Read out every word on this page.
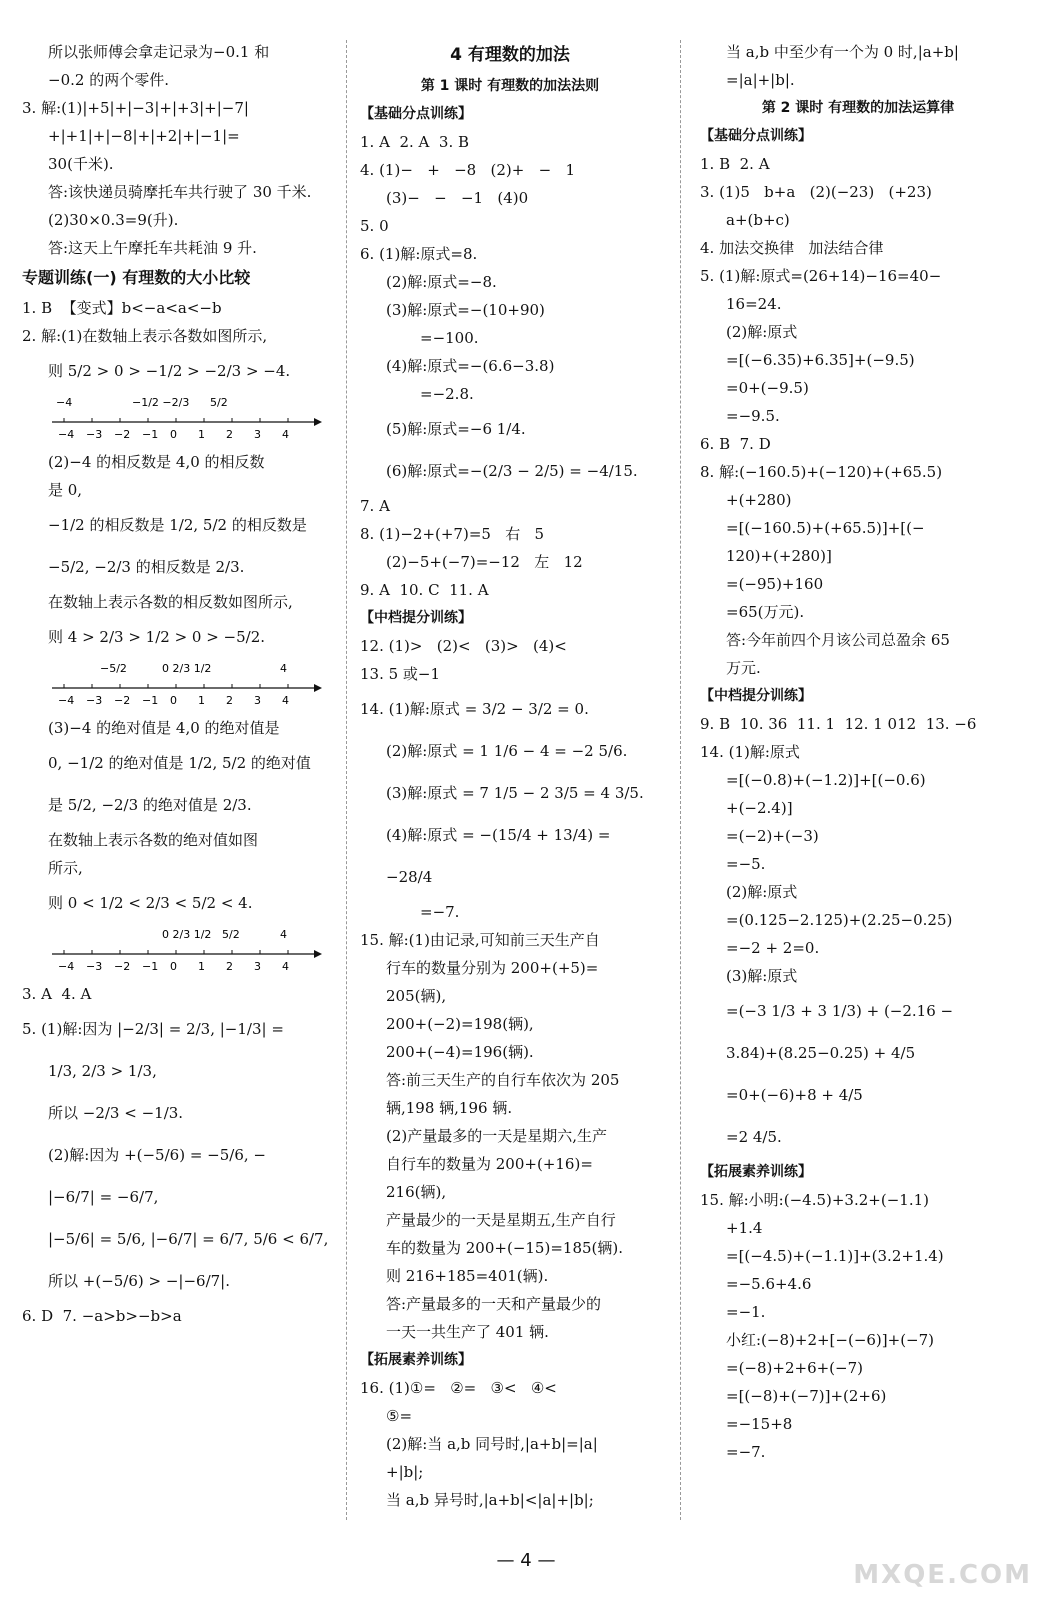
所以张师傅会拿走记录为−0.1 和
−0.2 的两个零件.
3. 解:(1)|+5|+|−3|+|+3|+|−7|
+|+1|+|−8|+|+2|+|−1|=
30(千米).
答:该快递员骑摩托车共行驶了 30 千米.
(2)30×0.3=9(升).
答:这天上午摩托车共耗油 9 升.
专题训练(一) 有理数的大小比较
1. B  【变式】b<−a<a<−b
2. 解:(1)在数轴上表示各数如图所示,
则 5/2 > 0 > −1/2 > −2/3 > −4.
−4 −3 −2 −1 0 1 2 3 4
−4	−1/2 −2/3 5/2
(2)−4 的相反数是 4,0 的相反数
是 0,
−1/2 的相反数是 1/2, 5/2 的相反数是
−5/2, −2/3 的相反数是 2/3.
在数轴上表示各数的相反数如图所示,
则 4 > 2/3 > 1/2 > 0 > −5/2.
−4 −3 −2 −1 0 1 2 3 4
−5/2	0 2/3 1/2	4
(3)−4 的绝对值是 4,0 的绝对值是
0, −1/2 的绝对值是 1/2, 5/2 的绝对值
是 5/2, −2/3 的绝对值是 2/3.
在数轴上表示各数的绝对值如图
所示,
则 0 < 1/2 < 2/3 < 5/2 < 4.
−4 −3 −2 −1 0 1 2 3 4
0 2/3 1/2 5/2	4
3. A  4. A
5. (1)解:因为 |−2/3| = 2/3, |−1/3| =
1/3, 2/3 > 1/3,
所以 −2/3 < −1/3.
(2)解:因为 +(−5/6) = −5/6, −
|−6/7| = −6/7,
|−5/6| = 5/6, |−6/7| = 6/7, 5/6 < 6/7,
所以 +(−5/6) > −|−6/7|.
6. D  7. −a>b>−b>a
4 有理数的加法
第 1 课时 有理数的加法法则
【基础分点训练】
1. A  2. A  3. B
4. (1)−   +   −8   (2)+   −   1
(3)−   −   −1   (4)0
5. 0
6. (1)解:原式=8.
(2)解:原式=−8.
(3)解:原式=−(10+90)
=−100.
(4)解:原式=−(6.6−3.8)
=−2.8.
(5)解:原式=−6 1/4.
(6)解:原式=−(2/3 − 2/5) = −4/15.
7. A
8. (1)−2+(+7)=5   右   5
(2)−5+(−7)=−12   左   12
9. A  10. C  11. A
【中档提分训练】
12. (1)>   (2)<   (3)>   (4)<
13. 5 或−1
14. (1)解:原式 = 3/2 − 3/2 = 0.
(2)解:原式 = 1 1/6 − 4 = −2 5/6.
(3)解:原式 = 7 1/5 − 2 3/5 = 4 3/5.
(4)解:原式 = −(15/4 + 13/4) = −28/4
=−7.
15. 解:(1)由记录,可知前三天生产自
行车的数量分别为 200+(+5)=
205(辆),
200+(−2)=198(辆),
200+(−4)=196(辆).
答:前三天生产的自行车依次为 205
辆,198 辆,196 辆.
(2)产量最多的一天是星期六,生产
自行车的数量为 200+(+16)=
216(辆),
产量最少的一天是星期五,生产自行
车的数量为 200+(−15)=185(辆).
则 216+185=401(辆).
答:产量最多的一天和产量最少的
一天一共生产了 401 辆.
【拓展素养训练】
16. (1)①=   ②=   ③<   ④<
⑤=
(2)解:当 a,b 同号时,|a+b|=|a|
+|b|;
当 a,b 异号时,|a+b|<|a|+|b|;
当 a,b 中至少有一个为 0 时,|a+b|
=|a|+|b|.
第 2 课时 有理数的加法运算律
【基础分点训练】
1. B  2. A
3. (1)5   b+a   (2)(−23)   (+23)
a+(b+c)
4. 加法交换律   加法结合律
5. (1)解:原式=(26+14)−16=40−
16=24.
(2)解:原式
=[(−6.35)+6.35]+(−9.5)
=0+(−9.5)
=−9.5.
6. B  7. D
8. 解:(−160.5)+(−120)+(+65.5)
+(+280)
=[(−160.5)+(+65.5)]+[(−
120)+(+280)]
=(−95)+160
=65(万元).
答:今年前四个月该公司总盈余 65
万元.
【中档提分训练】
9. B  10. 36  11. 1  12. 1 012  13. −6
14. (1)解:原式
=[(−0.8)+(−1.2)]+[(−0.6)
+(−2.4)]
=(−2)+(−3)
=−5.
(2)解:原式
=(0.125−2.125)+(2.25−0.25)
=−2 + 2=0.
(3)解:原式
=(−3 1/3 + 3 1/3) + (−2.16 −
3.84)+(8.25−0.25) + 4/5
=0+(−6)+8 + 4/5
=2 4/5.
【拓展素养训练】
15. 解:小明:(−4.5)+3.2+(−1.1)
+1.4
=[(−4.5)+(−1.1)]+(3.2+1.4)
=−5.6+4.6
=−1.
小红:(−8)+2+[−(−6)]+(−7)
=(−8)+2+6+(−7)
=[(−8)+(−7)]+(2+6)
=−15+8
=−7.
— 4 —	MXQE.COM
